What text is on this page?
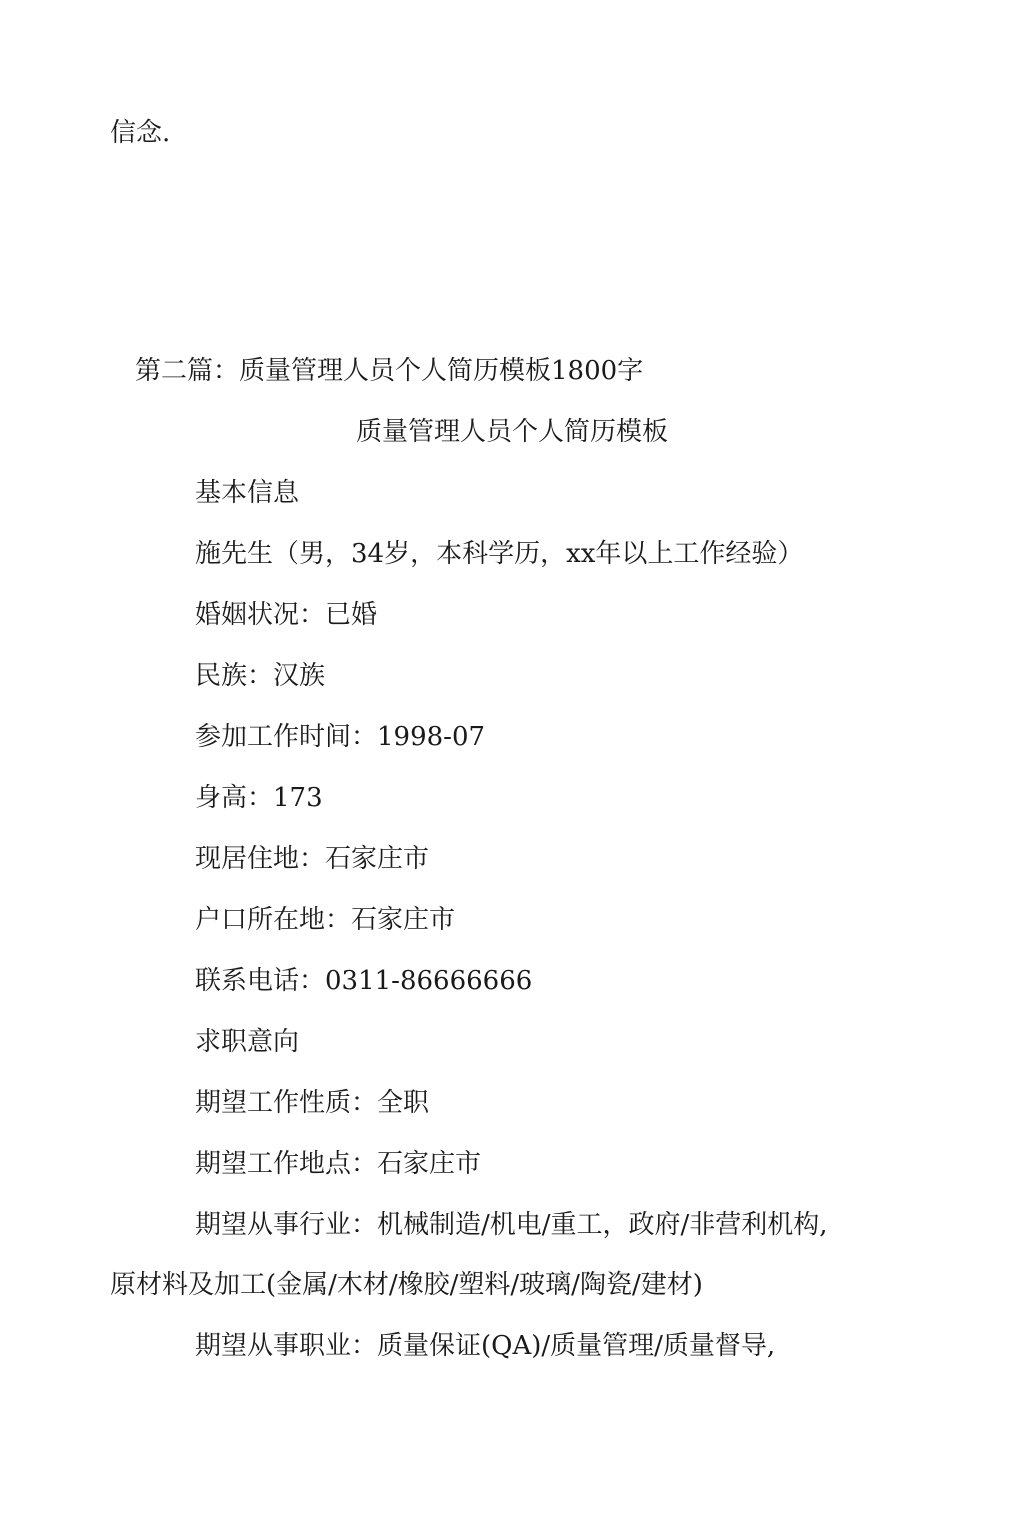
信念.
第二篇：质量管理人员个人简历模板1800字
质量管理人员个人简历模板
基本信息
施先生（男，34岁，本科学历，xx年以上工作经验）
婚姻状况：已婚
民族：汉族
参加工作时间：1998-07
身高：173
现居住地：石家庄市
户口所在地：石家庄市
联系电话：0311-86666666
求职意向
期望工作性质：全职
期望工作地点：石家庄市
期望从事行业：机械制造/机电/重工，政府/非营利机构,
原材料及加工(金属/木材/橡胶/塑料/玻璃/陶瓷/建材)
期望从事职业：质量保证(QA)/质量管理/质量督导,
